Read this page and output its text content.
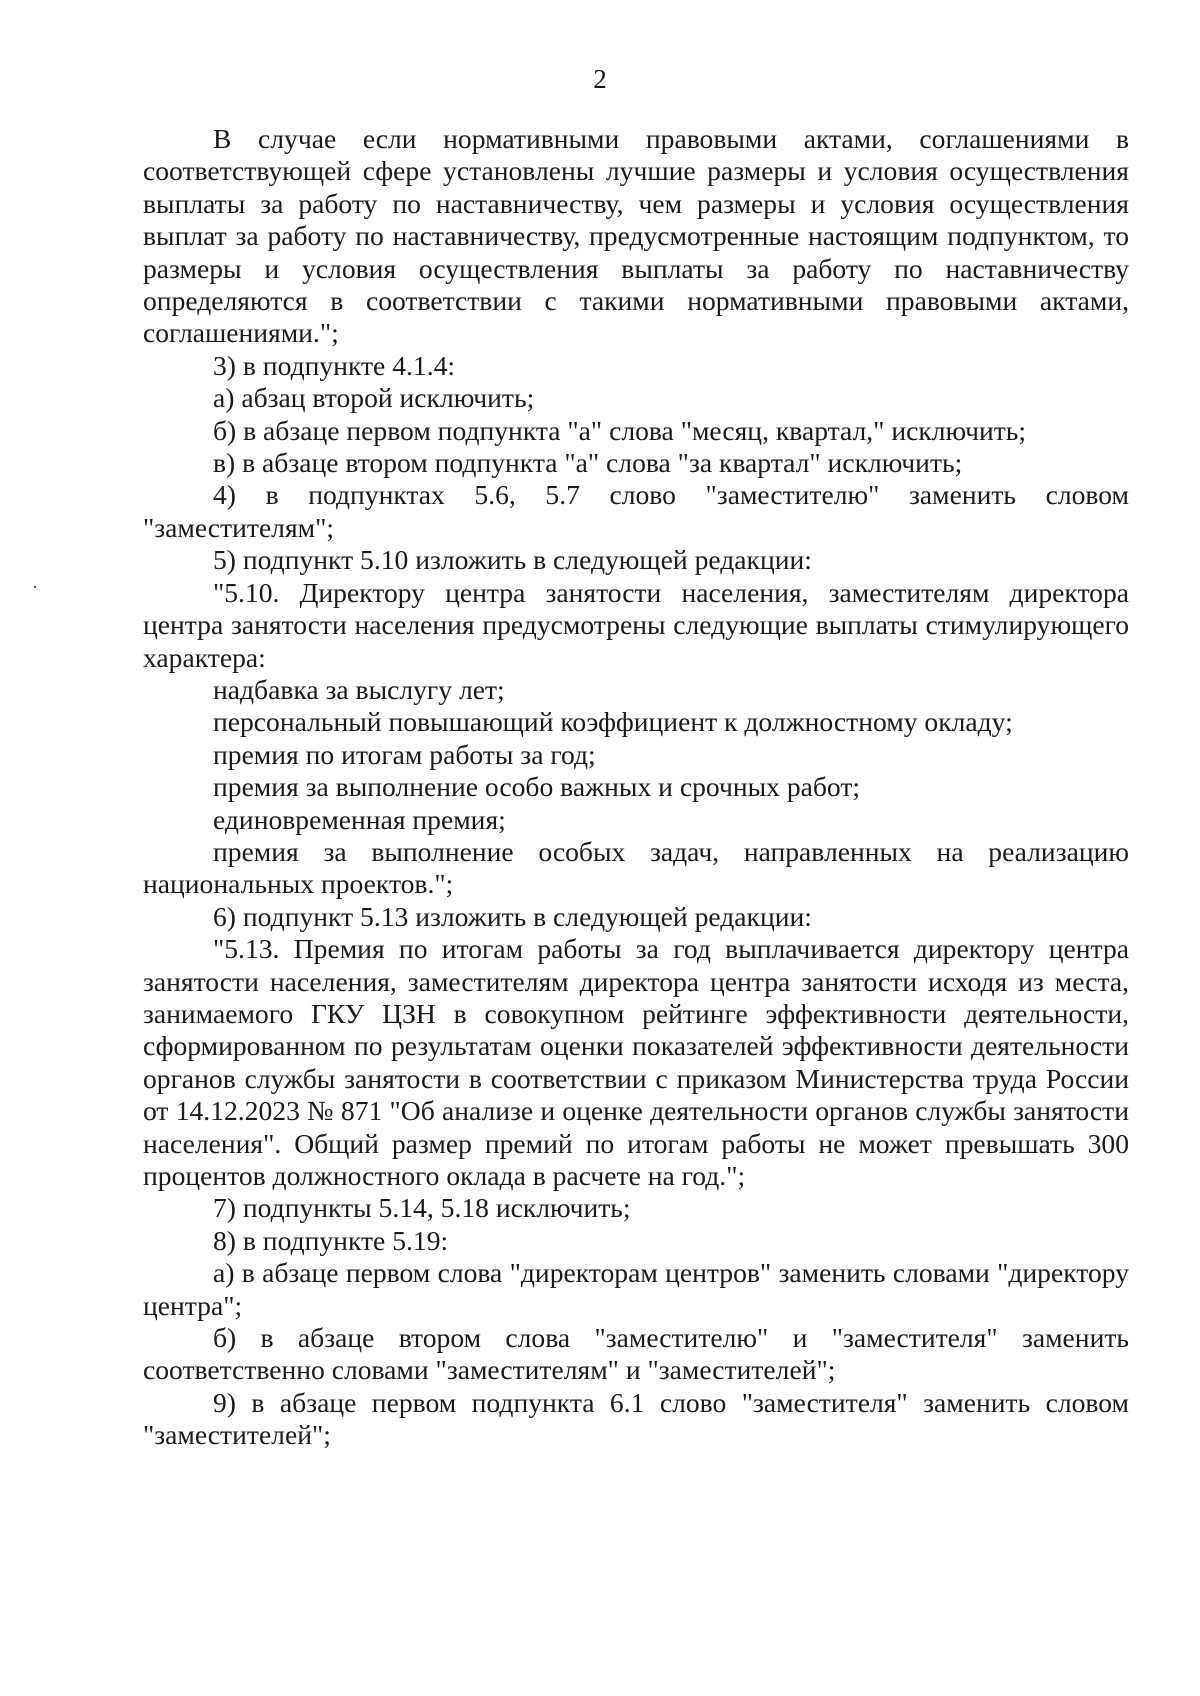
2

В случае если нормативными правовыми актами, соглашениями в соответствующей сфере установлены лучшие размеры и условия осуществления выплаты за работу по наставничеству, чем размеры и условия осуществления выплат за работу по наставничеству, предусмотренные настоящим подпунктом, то размеры и условия осуществления выплаты за работу по наставничеству определяются в соответствии с такими нормативными правовыми актами, соглашениями.";

3) в подпункте 4.1.4:

а) абзац второй исключить;

б) в абзаце первом подпункта "а" слова "месяц, квартал," исключить;

в) в абзаце втором подпункта "а" слова "за квартал" исключить;

4) в подпунктах 5.6, 5.7 слово "заместителю" заменить словом "заместителям";

5) подпункт 5.10 изложить в следующей редакции:

"5.10. Директору центра занятости населения, заместителям директора центра занятости населения предусмотрены следующие выплаты стимулирующего характера:

надбавка за выслугу лет;

персональный повышающий коэффициент к должностному окладу;

премия по итогам работы за год;

премия за выполнение особо важных и срочных работ;

единовременная премия;

премия за выполнение особых задач, направленных на реализацию национальных проектов.";

6) подпункт 5.13 изложить в следующей редакции:

"5.13. Премия по итогам работы за год выплачивается директору центра занятости населения, заместителям директора центра занятости исходя из места, занимаемого ГКУ ЦЗН в совокупном рейтинге эффективности деятельности, сформированном по результатам оценки показателей эффективности деятельности органов службы занятости в соответствии с приказом Министерства труда России от 14.12.2023 № 871 "Об анализе и оценке деятельности органов службы занятости населения". Общий размер премий по итогам работы не может превышать 300 процентов должностного оклада в расчете на год.";

7) подпункты 5.14, 5.18 исключить;

8) в подпункте 5.19:

а) в абзаце первом слова "директорам центров" заменить словами "директору центра";

б) в абзаце втором слова "заместителю" и "заместителя" заменить соответственно словами "заместителям" и "заместителей";

9) в абзаце первом подпункта 6.1 слово "заместителя" заменить словом "заместителей";
